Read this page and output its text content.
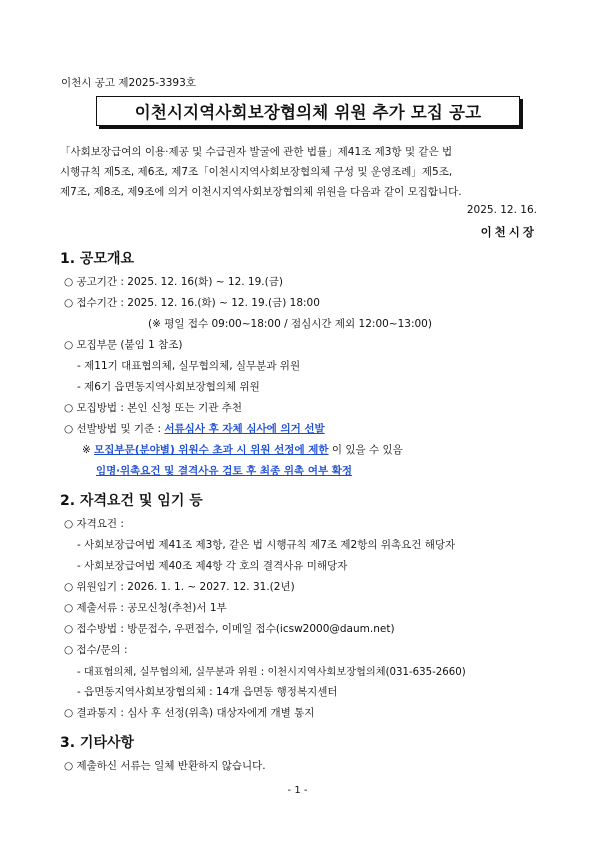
이천시 공고 제2025-3393호
이천시지역사회보장협의체 위원 추가 모집 공고

「사회보장급여의 이용‧제공 및 수급권자 발굴에 관한 법률」제41조 제3항 및 같은 법

시행규칙 제5조, 제6조, 제7조「이천시지역사회보장협의체 구성 및 운영조례」제5조,

제7조, 제8조, 제9조에 의거 이천시지역사회보장협의체 위원을 다음과 같이 모집합니다.

2025. 12. 16.
이천시장
1. 공모개요
○ 공고기간 : 2025. 12. 16(화) ~ 12. 19.(금)
○ 접수기간 : 2025. 12. 16.(화) ~ 12. 19.(금) 18:00
(※ 평일 접수 09:00~18:00 / 점심시간 제외 12:00~13:00)
○ 모집부문 (붙임 1 참조)
- 제11기 대표협의체, 실무협의체, 실무분과 위원
- 제6기 읍면동지역사회보장협의체 위원
○ 모집방법 : 본인 신청 또는 기관 추천
○ 선발방법 및 기준 : 서류심사 후 자체 심사에 의거 선발
※ 모집부문(분야별) 위원수 초과 시 위원 선정에 제한 이 있을 수 있음
임명‧위촉요건 및 결격사유 검토 후 최종 위촉 여부 확정
2. 자격요건 및 임기 등
○ 자격요건 :
- 사회보장급여법 제41조 제3항, 같은 법 시행규칙 제7조 제2항의 위촉요건 해당자
- 사회보장급여법 제40조 제4항 각 호의 결격사유 미해당자
○ 위원임기 : 2026. 1. 1. ~ 2027. 12. 31.(2년)
○ 제출서류 : 공모신청(추천)서 1부
○ 접수방법 : 방문접수, 우편접수, 이메일 접수(icsw2000@daum.net)
○ 접수/문의 :
- 대표협의체, 실무협의체, 실무분과 위원 : 이천시지역사회보장협의체(031-635-2660)
- 읍면동지역사회보장협의체 : 14개 읍면동 행정복지센터
○ 결과통지 : 심사 후 선정(위촉) 대상자에게 개별 통지
3. 기타사항
○ 제출하신 서류는 일체 반환하지 않습니다.
- 1 -
